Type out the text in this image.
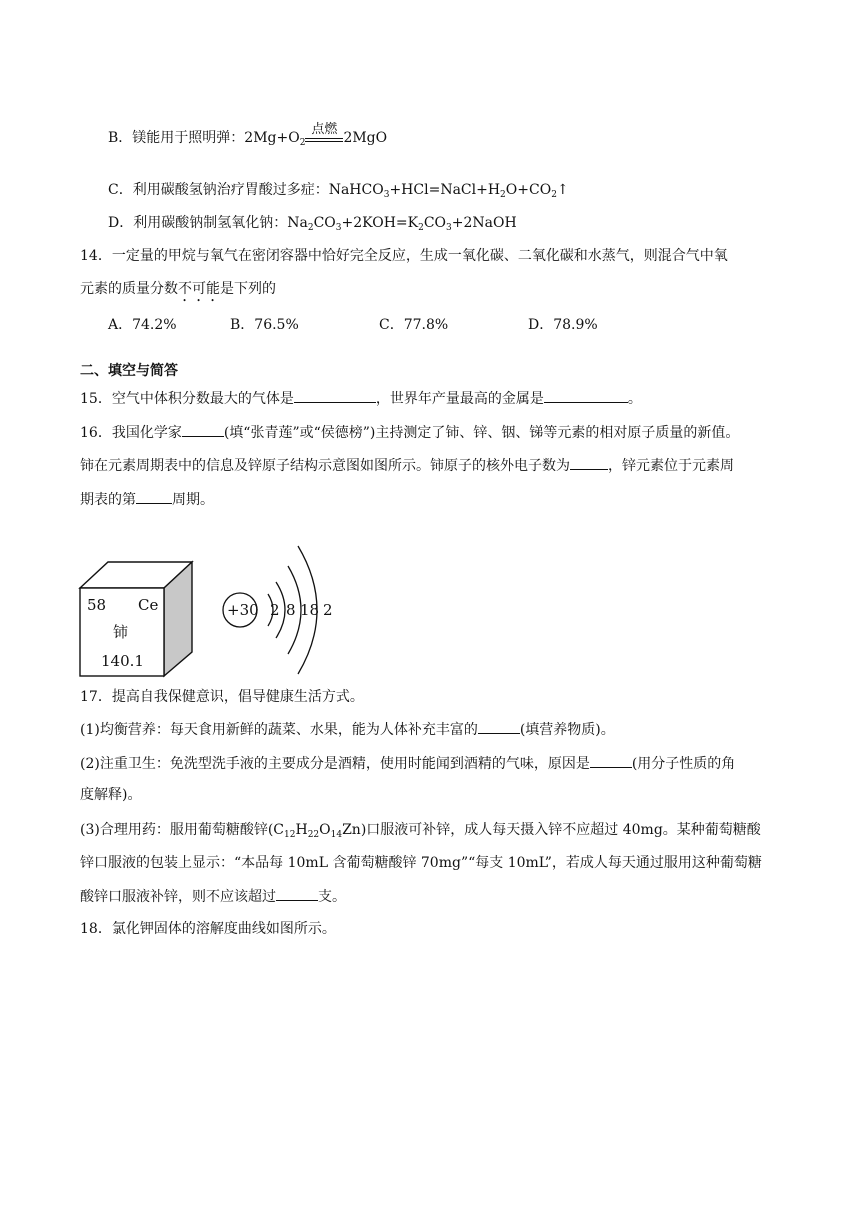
B．镁能用于照明弹：$2Mg+O_2$
点燃
2MgO
C．利用碳酸氢钠治疗胃酸过多症：$NaHCO_3+HCl=NaCl+H_2O+CO_2↑$
D．利用碳酸钠制氢氧化钠：$Na_2CO_3+2KOH=K_2CO_3+2NaOH$
14．一定量的甲烷与氧气在密闭容器中恰好完全反应，生成一氧化碳、二氧化碳和水蒸气，则混合气中氧
元素的质量分数不可能是下列的
A．74.2%	B．76.5%	C．77.8%	D．78.9%
二、填空与简答
15．空气中体积分数最大的气体是	，世界年产量最高的金属是	。
16．我国化学家	(填“张青莲”或“侯德榜”)主持测定了铈、锌、铟、锑等元素的相对原子质量的新值。
铈在元素周期表中的信息及锌原子结构示意图如图所示。铈原子的核外电子数为	，锌元素位于元素周
期表的第	周期。
58 Ce
铈
140.1
+30 2 8 18 2
17．提高自我保健意识，倡导健康生活方式。
(1)均衡营养：每天食用新鲜的蔬菜、水果，能为人体补充丰富的	(填营养物质)。
(2)注重卫生：免洗型洗手液的主要成分是酒精，使用时能闻到酒精的气味，原因是	(用分子性质的角
度解释)。
(3)合理用药：服用葡萄糖酸锌$(C_{12}H_{22}O_{14}Zn)$口服液可补锌，成人每天摄入锌不应超过 40mg。某种葡萄糖酸
锌口服液的包装上显示：“本品每 10mL 含葡萄糖酸锌 70mg”“每支 10mL”，若成人每天通过服用这种葡萄糖
酸锌口服液补锌，则不应该超过	支。
18．氯化钾固体的溶解度曲线如图所示。
